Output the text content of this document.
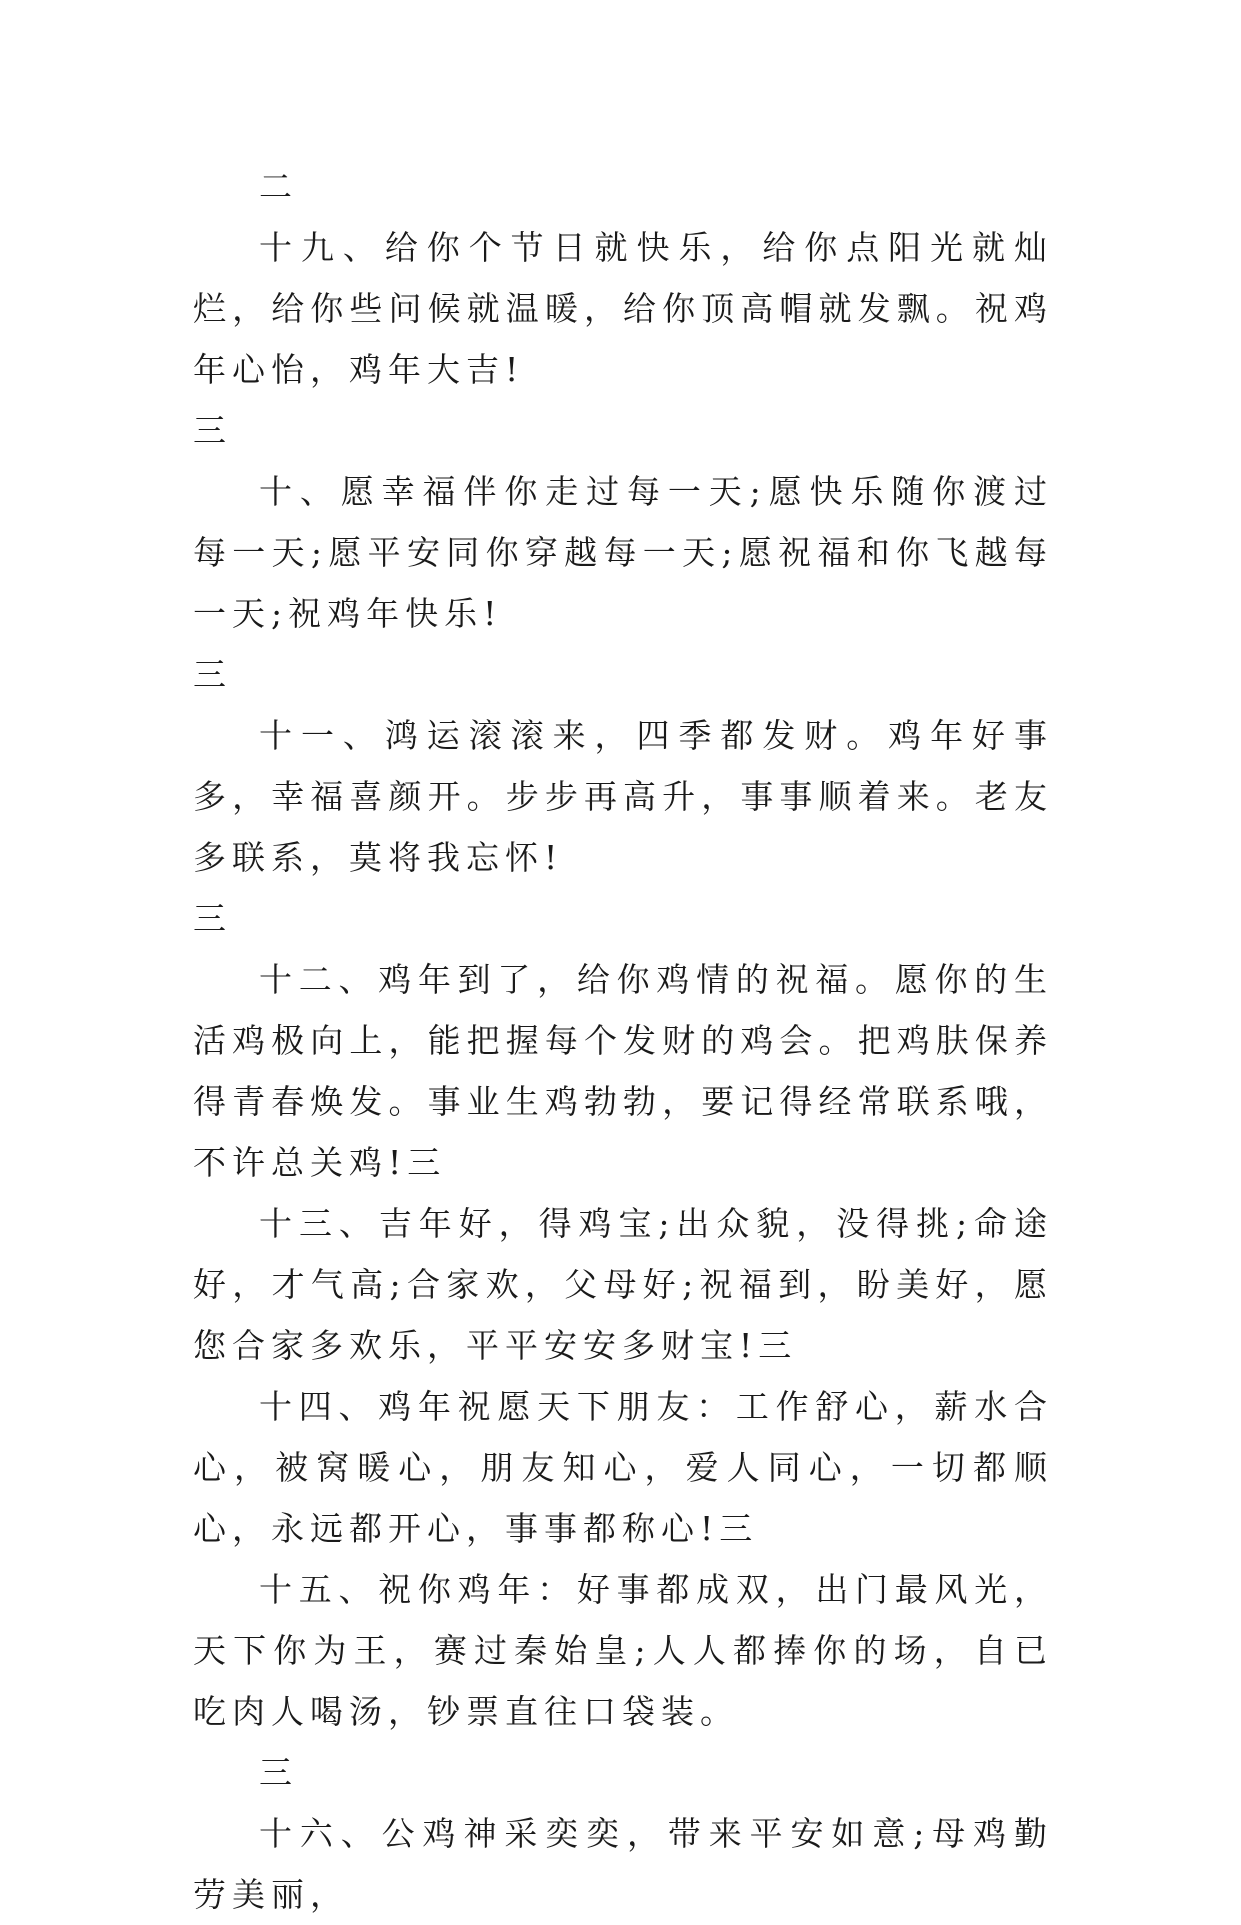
二

十九、给你个节日就快乐，给你点阳光就灿烂，给你些问候就温暖，给你顶高帽就发飘。祝鸡年心怡，鸡年大吉!

三

十、愿幸福伴你走过每一天;愿快乐随你渡过每一天;愿平安同你穿越每一天;愿祝福和你飞越每一天;祝鸡年快乐!

三

十一、鸿运滚滚来，四季都发财。鸡年好事多，幸福喜颜开。步步再高升，事事顺着来。老友多联系，莫将我忘怀!

三

十二、鸡年到了，给你鸡情的祝福。愿你的生活鸡极向上，能把握每个发财的鸡会。把鸡肤保养得青春焕发。事业生鸡勃勃，要记得经常联系哦，不许总关鸡!三

十三、吉年好，得鸡宝;出众貌，没得挑;命途好，才气高;合家欢，父母好;祝福到，盼美好，愿您合家多欢乐，平平安安多财宝!三

十四、鸡年祝愿天下朋友：工作舒心，薪水合心，被窝暖心，朋友知心，爱人同心，一切都顺心，永远都开心，事事都称心!三

十五、祝你鸡年：好事都成双，出门最风光，天下你为王，赛过秦始皇;人人都捧你的场，自已吃肉人喝汤，钞票直往口袋装。

三

十六、公鸡神采奕奕，带来平安如意;母鸡勤劳美丽，
